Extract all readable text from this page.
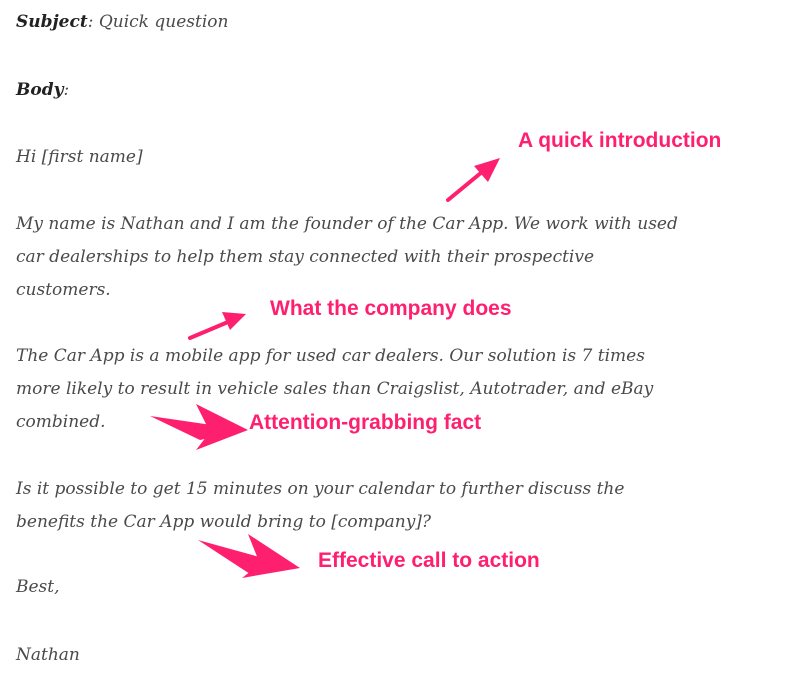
Subject: Quick question
Body:
Hi [first name]
My name is Nathan and I am the founder of the Car App. We work with used
car dealerships to help them stay connected with their prospective
customers.
The Car App is a mobile app for used car dealers. Our solution is 7 times
more likely to result in vehicle sales than Craigslist, Autotrader, and eBay
combined.
Is it possible to get 15 minutes on your calendar to further discuss the
benefits the Car App would bring to [company]?
Best,
Nathan
A quick introduction
What the company does
Attention-grabbing fact
Effective call to action
